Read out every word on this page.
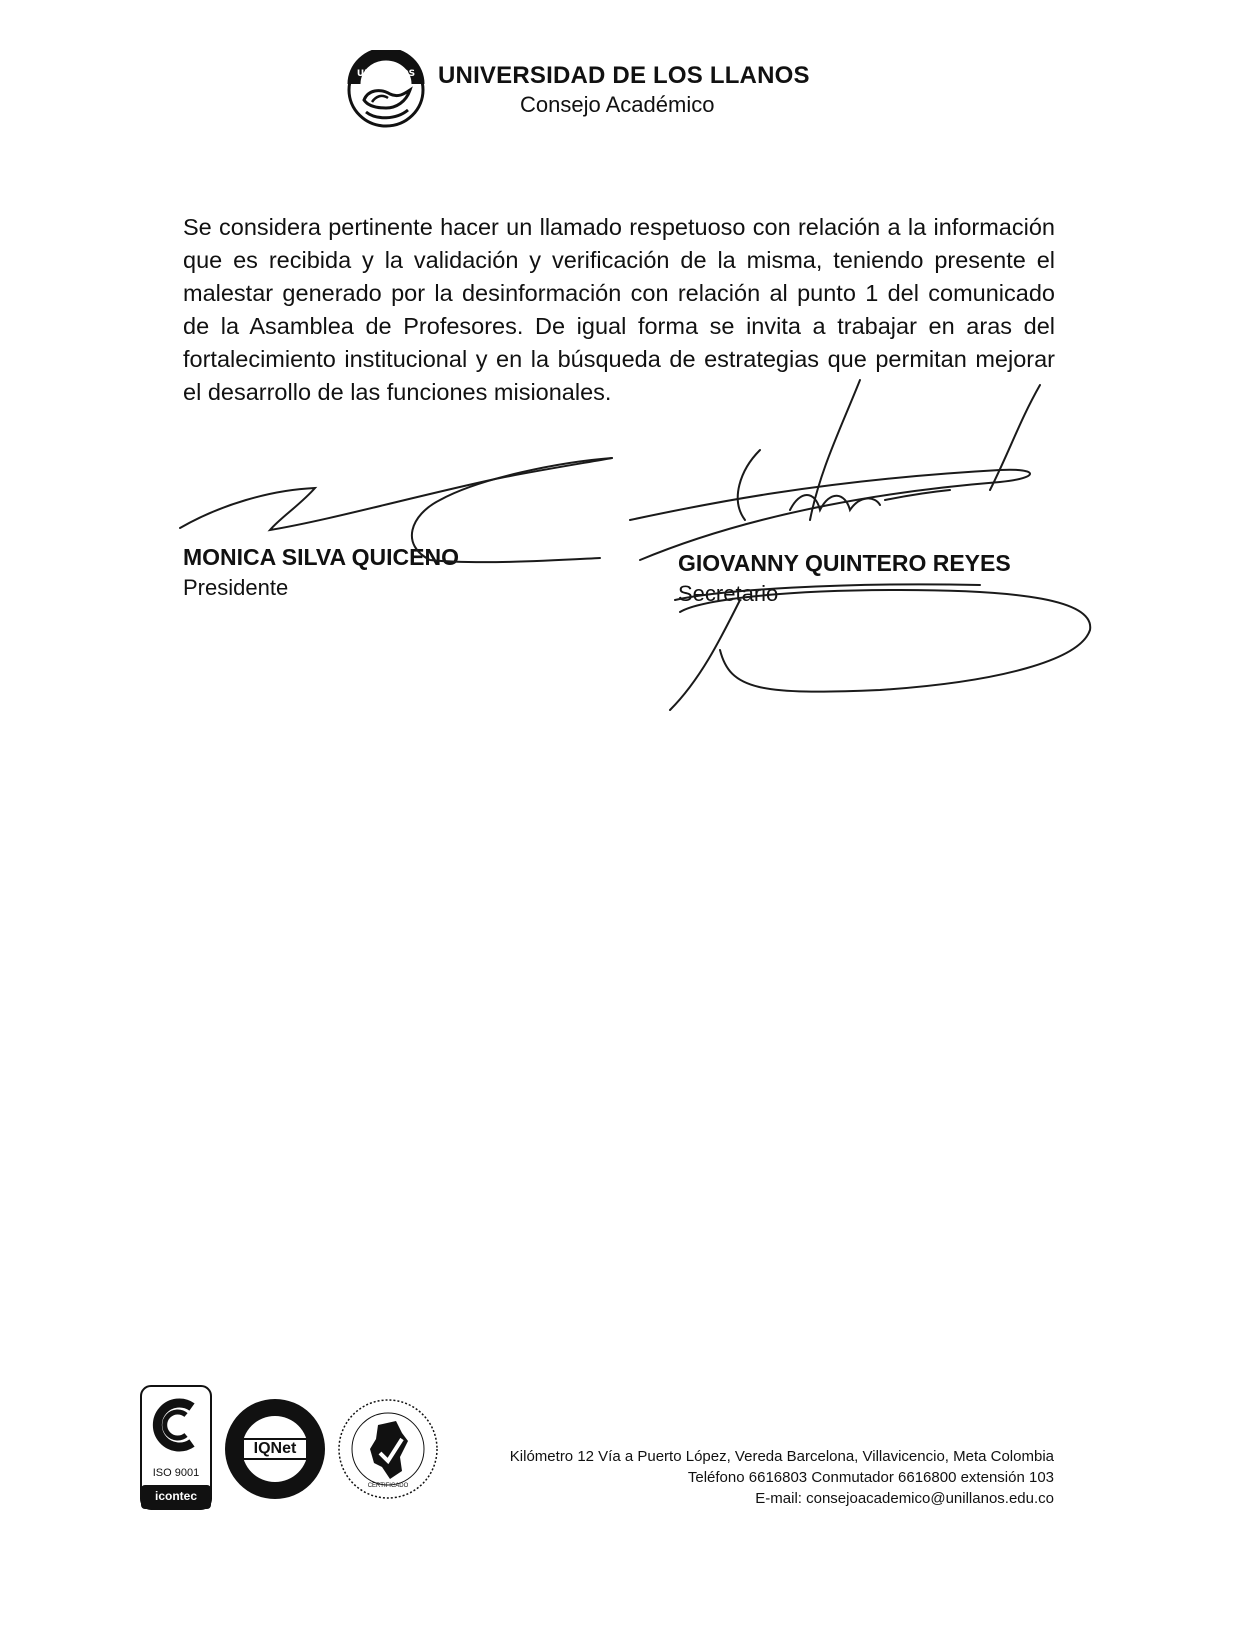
UNILLANOS UNIVERSIDAD DE LOS LLANOS
Consejo Académico
Se considera pertinente hacer un llamado respetuoso con relación a la información que es recibida y la validación y verificación de la misma, teniendo presente el malestar generado por la desinformación con relación al punto 1 del comunicado de la Asamblea de Profesores. De igual forma se invita a trabajar en aras del fortalecimiento institucional y en la búsqueda de estrategias que permitan mejorar el desarrollo de las funciones misionales.
MONICA SILVA QUICENO
Presidente
GIOVANNY QUINTERO REYES
Secretario
ISO 9001
icontec
IQNet
CERTIFICADO
Kilómetro 12 Vía a Puerto López, Vereda Barcelona, Villavicencio, Meta Colombia
Teléfono 6616803 Conmutador 6616800 extensión 103
E-mail: consejoacademico@unillanos.edu.co
